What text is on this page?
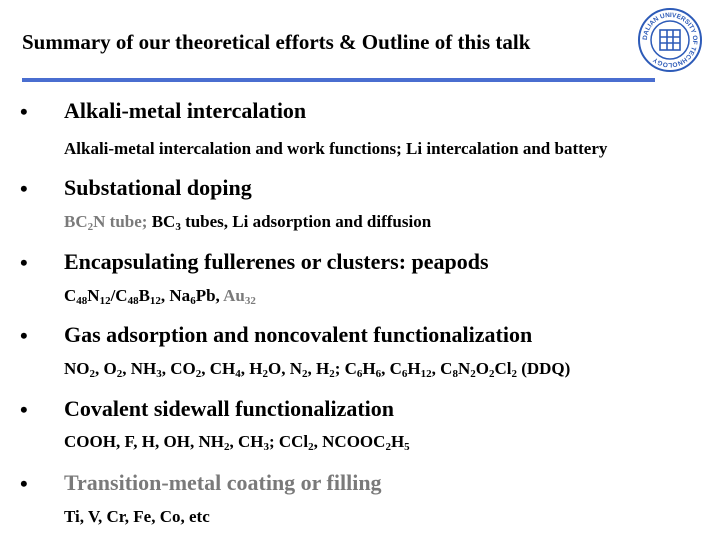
Summary of our theoretical efforts & Outline of this talk	DALIAN UNIVERSITY OF TECHNOLOGY
• Alkali-metal intercalation
Alkali-metal intercalation and work functions; Li intercalation and battery
• Substational doping
$BC_2N$ tube; $BC_3$ tubes, Li adsorption and diffusion
• Encapsulating fullerenes or clusters: peapods
$C_{48}N_{12}/C_{48}B_{12}$, $Na_6Pb$, $Au_{32}$
• Gas adsorption and noncovalent functionalization
$NO_2$, $O_2$, $NH_3$, $CO_2$, $CH_4$, $H_2O$, $N_2$, $H_2$; $C_6H_6$, $C_6H_{12}$, $C_8N_2O_2Cl_2$ (DDQ)
• Covalent sidewall functionalization
COOH, F, H, OH, $NH_2$, $CH_3$; CCl$_2$, $NCOOC_2H_5$
• Transition-metal coating or filling
Ti, V, Cr, Fe, Co, etc
